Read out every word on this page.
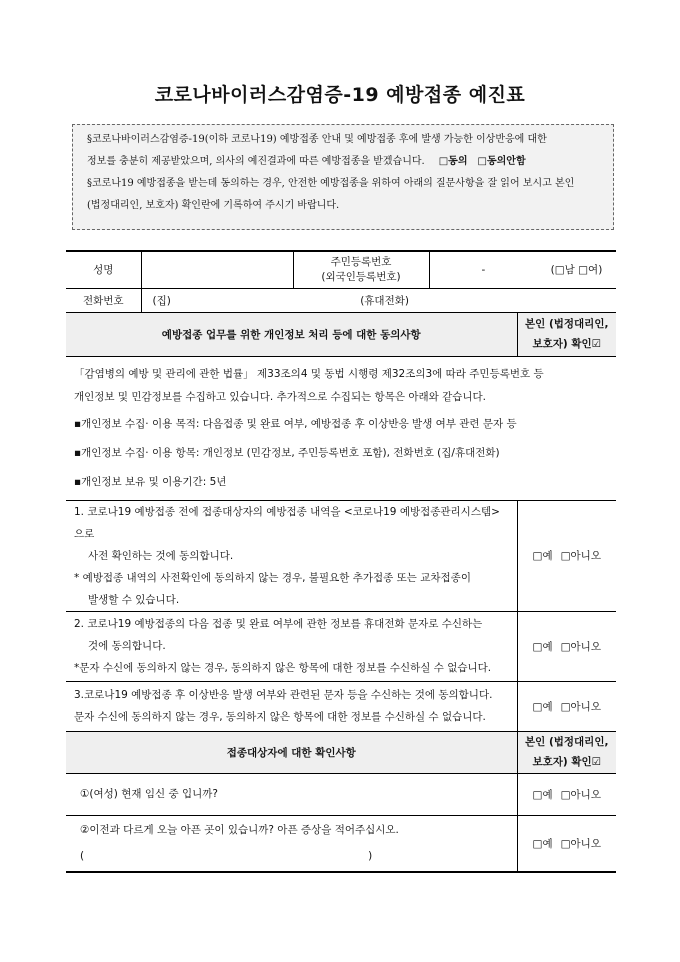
코로나바이러스감염증-19 예방접종 예진표

§코로나바이러스감염증-19(이하 코로나19) 예방접종 안내 및 예방접종 후에 발생 가능한 이상반응에 대한

정보를 충분히 제공받았으며, 의사의 예진결과에 따른 예방접종을 받겠습니다. □동의 □동의안함

§코로나19 예방접종을 받는데 동의하는 경우, 안전한 예방접종을 위하여 아래의 질문사항을 잘 읽어 보시고 본인

(법정대리인, 보호자) 확인란에 기록하여 주시기 바랍니다.

성명		주민등록번호
(외국인등록번호)	- (□남 □여)	
전화번호	(집) (휴대전화)			
예방접종 업무를 위한 개인정보 처리 등에 대한 동의사항				본인 (법정대리인,
보호자) 확인☑

「감염병의 예방 및 관리에 관한 법률」 제33조의4 및 동법 시행령 제32조의3에 따라 주민등록번호 등
개인정보 및 민감정보를 수집하고 있습니다. 추가적으로 수집되는 항목은 아래와 같습니다.
▪개인정보 수집· 이용 목적: 다음접종 및 완료 여부, 예방접종 후 이상반응 발생 여부 관련 문자 등
▪개인정보 수집· 이용 항목: 개인정보 (민감정보, 주민등록번호 포함), 전화번호 (집/휴대전화)
▪개인정보 보유 및 이용기간: 5년				

1. 코로나19 예방접종 전에 접종대상자의 예방접종 내역을 <코로나19 예방접종관리시스템>으로
사전 확인하는 것에 동의합니다.
* 예방접종 내역의 사전확인에 동의하지 않는 경우, 불필요한 추가접종 또는 교차접종이
발생할 수 있습니다.				□예 □아니오

2. 코로나19 예방접종의 다음 접종 및 완료 여부에 관한 정보를 휴대전화 문자로 수신하는
것에 동의합니다.
*문자 수신에 동의하지 않는 경우, 동의하지 않은 항목에 대한 정보를 수신하실 수 없습니다.				□예 □아니오

3.코로나19 예방접종 후 이상반응 발생 여부와 관련된 문자 등을 수신하는 것에 동의합니다.
문자 수신에 동의하지 않는 경우, 동의하지 않은 항목에 대한 정보를 수신하실 수 없습니다.				□예 □아니오
접종대상자에 대한 확인사항				본인 (법정대리인,
보호자) 확인☑

①(여성) 현재 임신 중 입니까?				□예 □아니오

②이전과 다르게 오늘 아픈 곳이 있습니까? 아픈 증상을 적어주십시오.
( )				□예 □아니오
